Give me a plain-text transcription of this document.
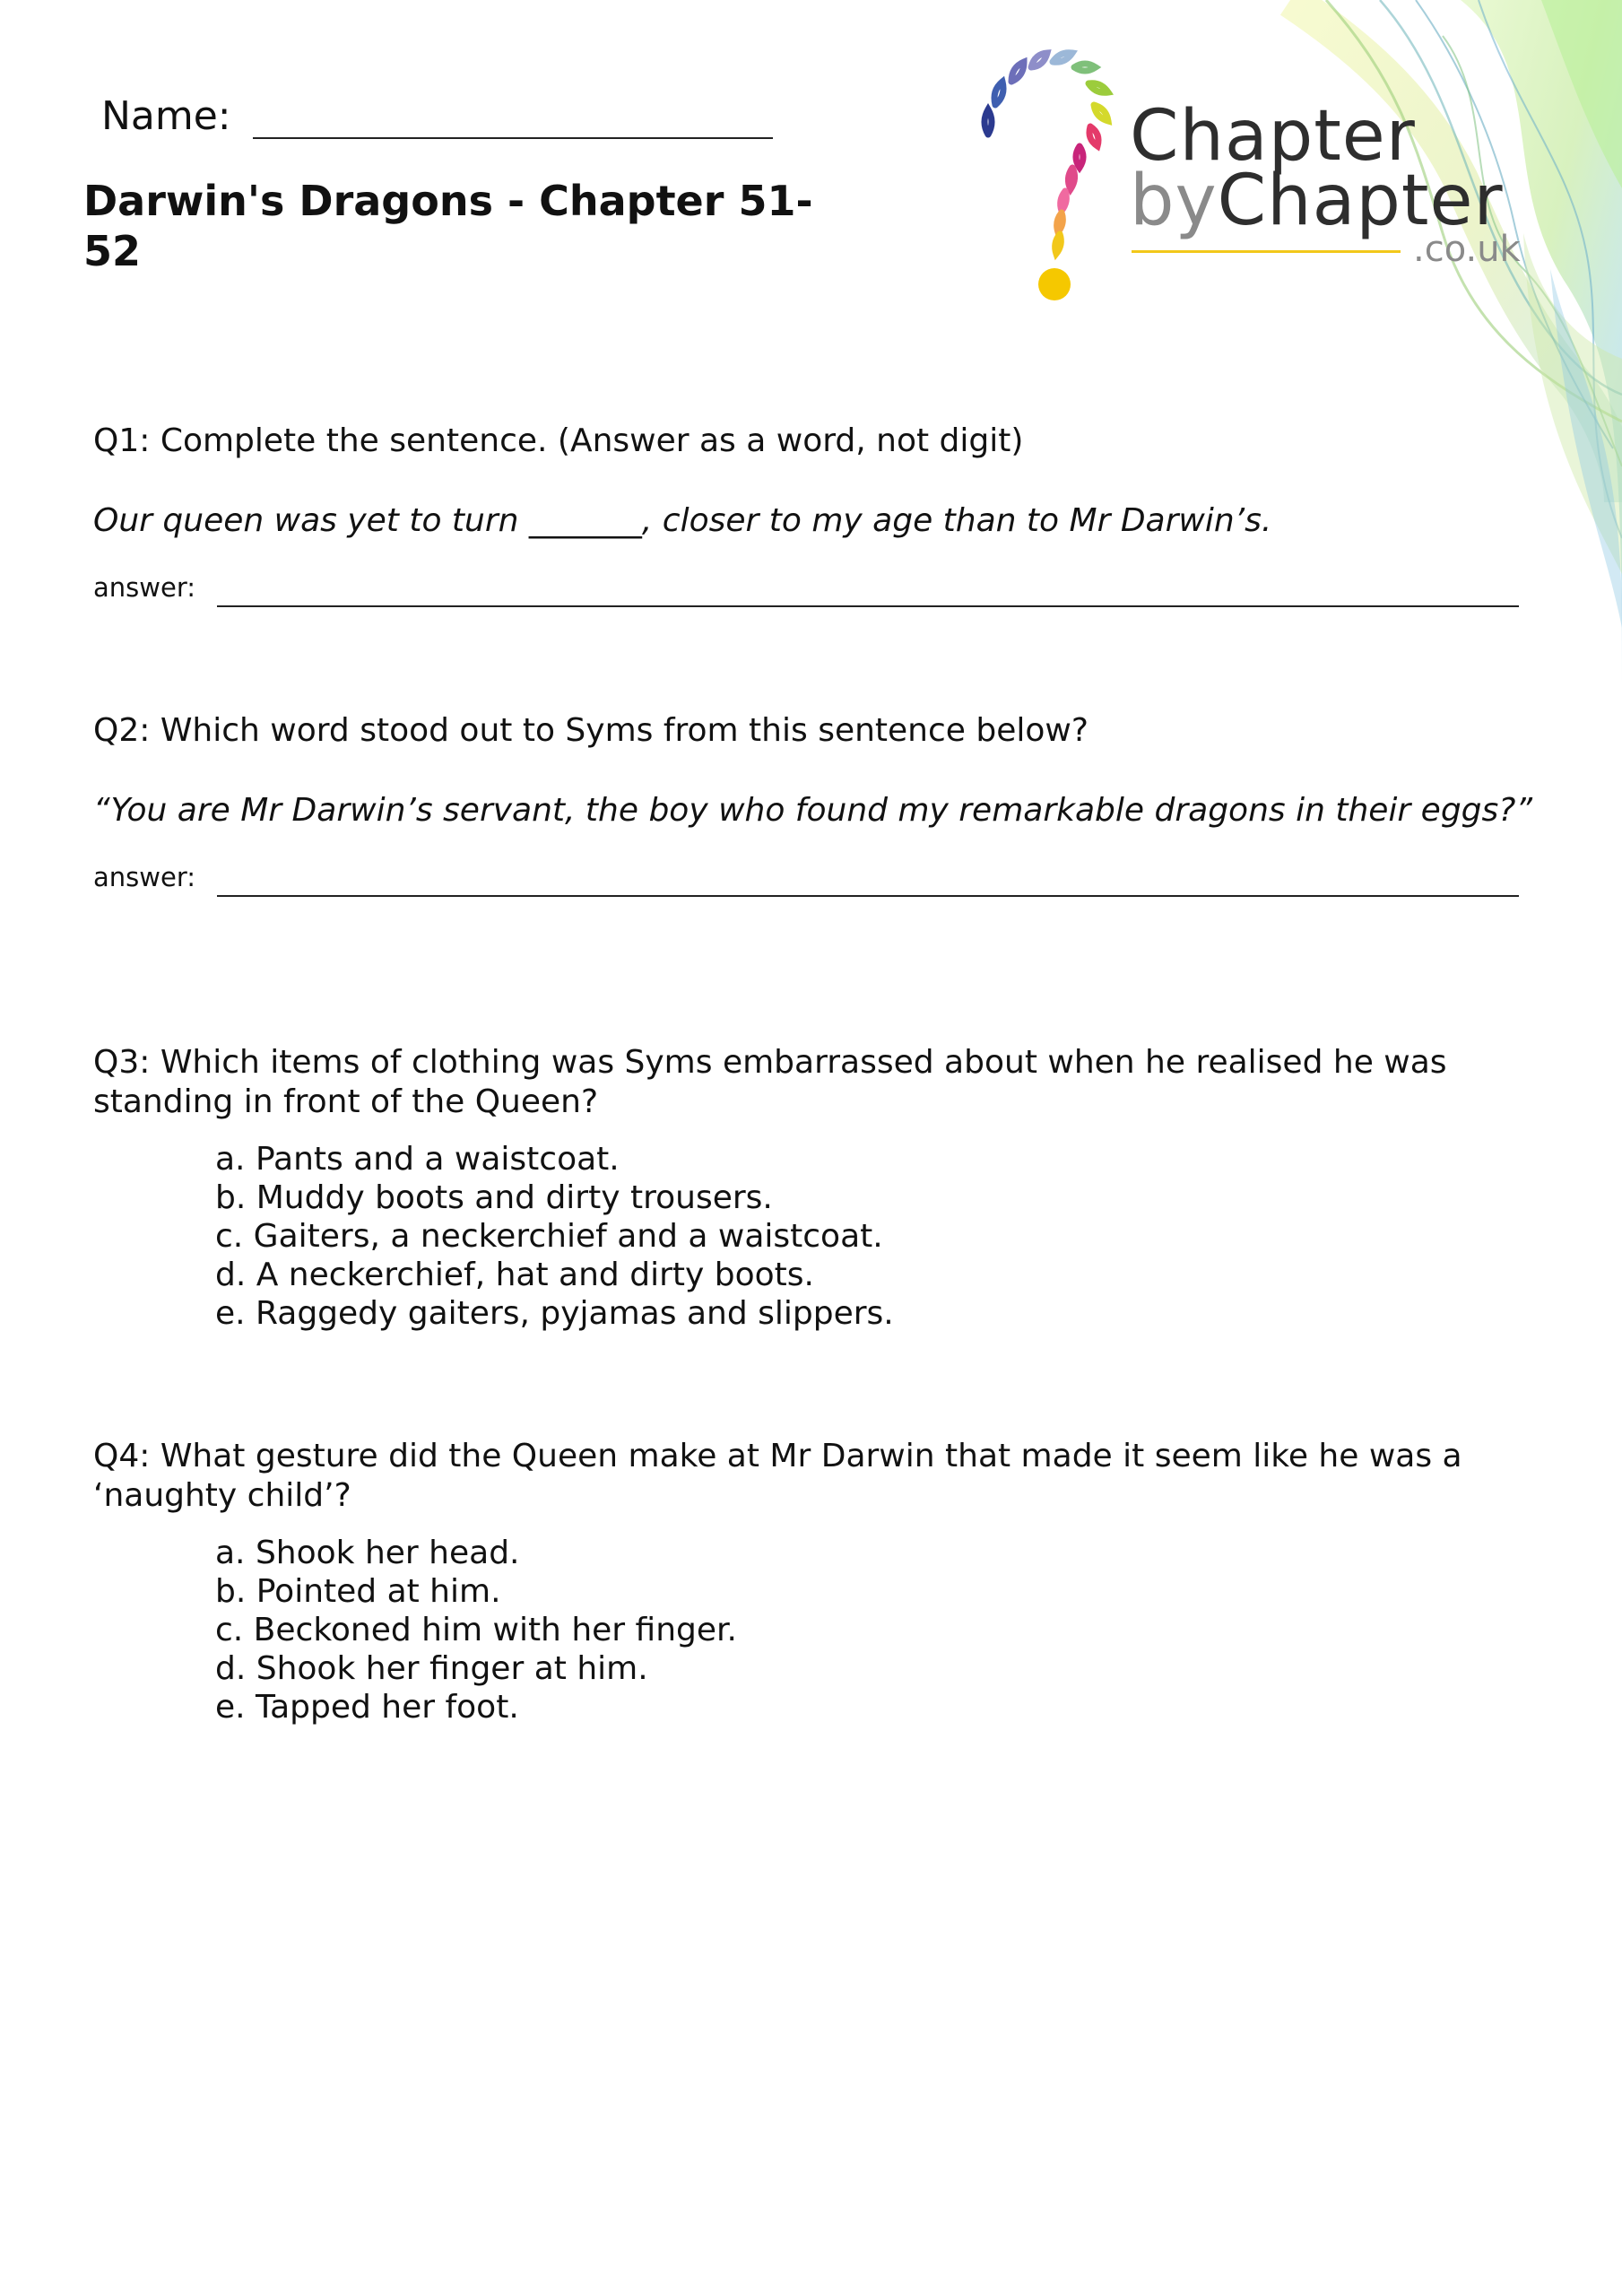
Chapter
byChapter
.co.uk
Name:
Darwin's Dragons - Chapter 51-52

Q1: Complete the sentence. (Answer as a word, not digit)

Our queen was yet to turn _______, closer to my age than to Mr Darwin’s.

answer:

Q2: Which word stood out to Syms from this sentence below?

“You are Mr Darwin’s servant, the boy who found my remarkable dragons in their eggs?”

answer:

Q3: Which items of clothing was Syms embarrassed about when he realised he was standing in front of the Queen?

a. Pants and a waistcoat.
b. Muddy boots and dirty trousers.
c. Gaiters, a neckerchief and a waistcoat.
d. A neckerchief, hat and dirty boots.
e. Raggedy gaiters, pyjamas and slippers.

Q4: What gesture did the Queen make at Mr Darwin that made it seem like he was a ‘naughty child’?

a. Shook her head.
b. Pointed at him.
c. Beckoned him with her finger.
d. Shook her finger at him.
e. Tapped her foot.
